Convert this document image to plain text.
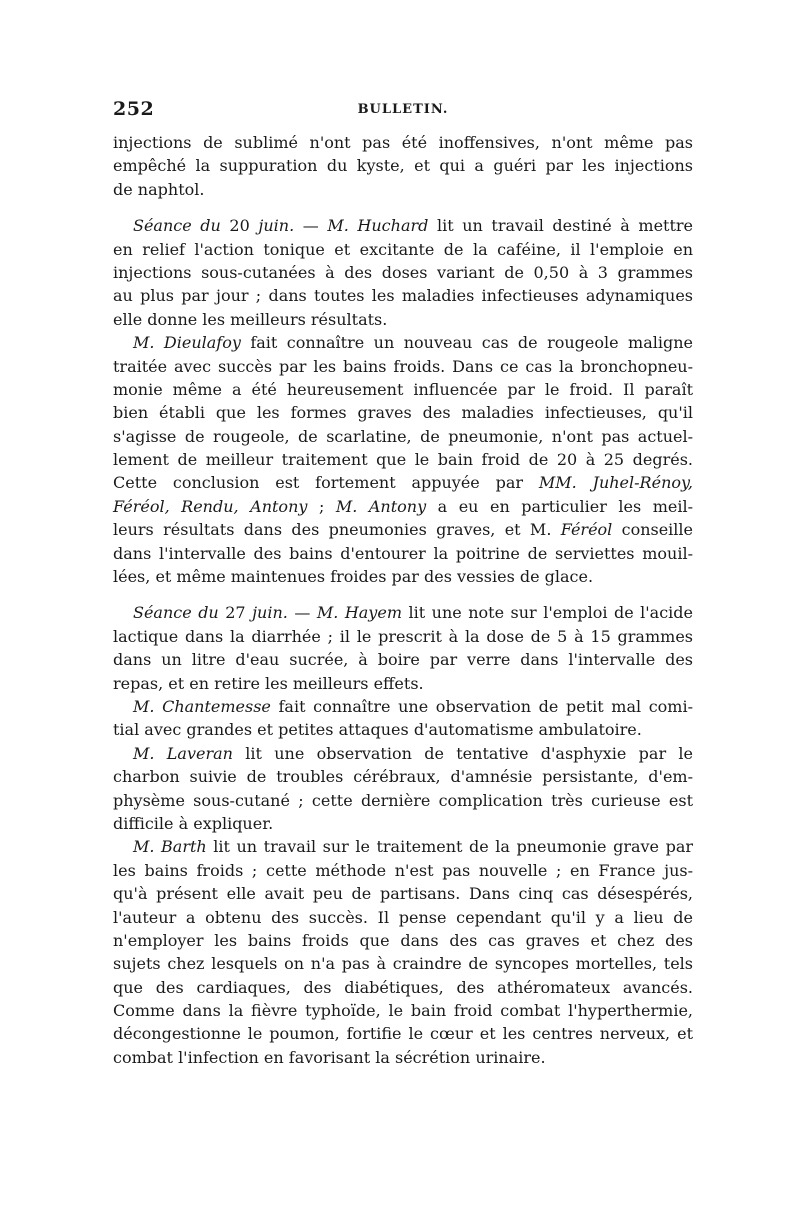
252	BULLETIN.
injections de sublimé n'ont pas été inoffensives, n'ont même pas
empêché la suppuration du kyste, et qui a guéri par les injections
de naphtol.
Séance du 20 juin. — M. Huchard lit un travail destiné à mettre
en relief l'action tonique et excitante de la caféine, il l'emploie en
injections sous-cutanées à des doses variant de 0,50 à 3 grammes
au plus par jour ; dans toutes les maladies infectieuses adynamiques
elle donne les meilleurs résultats.
M. Dieulafoy fait connaître un nouveau cas de rougeole maligne
traitée avec succès par les bains froids. Dans ce cas la bronchopneu-
monie même a été heureusement influencée par le froid. Il paraît
bien établi que les formes graves des maladies infectieuses, qu'il
s'agisse de rougeole, de scarlatine, de pneumonie, n'ont pas actuel-
lement de meilleur traitement que le bain froid de 20 à 25 degrés.
Cette conclusion est fortement appuyée par MM. Juhel-Rénoy,
Féréol, Rendu, Antony ; M. Antony a eu en particulier les meil-
leurs résultats dans des pneumonies graves, et M. Féréol conseille
dans l'intervalle des bains d'entourer la poitrine de serviettes mouil-
lées, et même maintenues froides par des vessies de glace.
Séance du 27 juin. — M. Hayem lit une note sur l'emploi de l'acide
lactique dans la diarrhée ; il le prescrit à la dose de 5 à 15 grammes
dans un litre d'eau sucrée, à boire par verre dans l'intervalle des
repas, et en retire les meilleurs effets.
M. Chantemesse fait connaître une observation de petit mal comi-
tial avec grandes et petites attaques d'automatisme ambulatoire.
M. Laveran lit une observation de tentative d'asphyxie par le
charbon suivie de troubles cérébraux, d'amnésie persistante, d'em-
physème sous-cutané ; cette dernière complication très curieuse est
difficile à expliquer.
M. Barth lit un travail sur le traitement de la pneumonie grave par
les bains froids ; cette méthode n'est pas nouvelle ; en France jus-
qu'à présent elle avait peu de partisans. Dans cinq cas désespérés,
l'auteur a obtenu des succès. Il pense cependant qu'il y a lieu de
n'employer les bains froids que dans des cas graves et chez des
sujets chez lesquels on n'a pas à craindre de syncopes mortelles, tels
que des cardiaques, des diabétiques, des athéromateux avancés.
Comme dans la fièvre typhoïde, le bain froid combat l'hyperthermie,
décongestionne le poumon, fortifie le cœur et les centres nerveux, et
combat l'infection en favorisant la sécrétion urinaire.
